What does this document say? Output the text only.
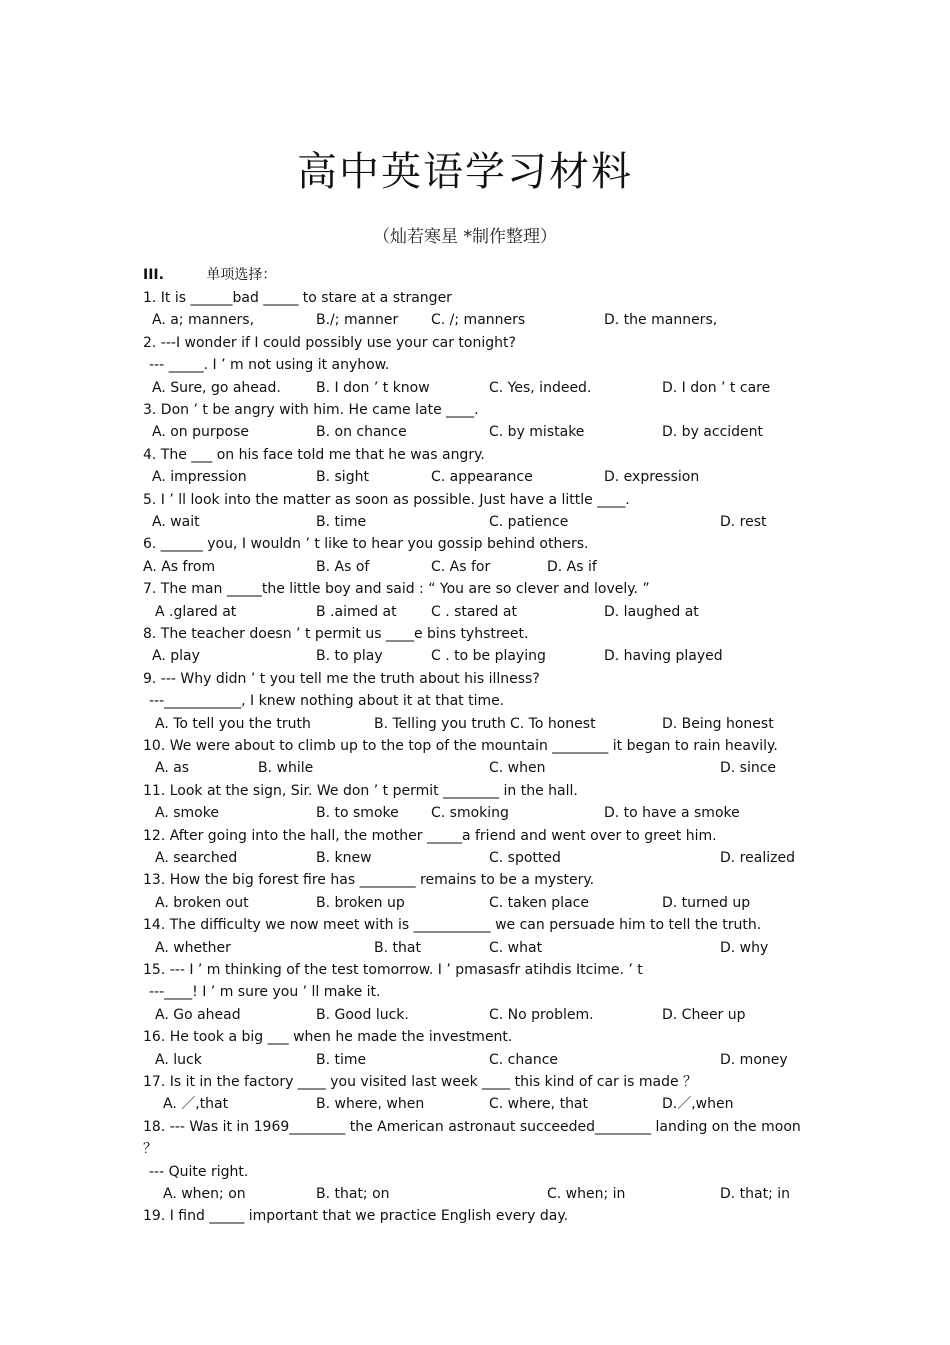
高中英语学习材料
（灿若寒星 *制作整理）
III.	单项选择：
1. It is ______bad _____ to stare at a stranger
A. a; manners,	B./; manner C. /; manners	D. the manners,
2. ---I wonder if I could possibly use your car tonight?
--- _____. I ’ m not using it anyhow.
A. Sure, go ahead.	B. I don ’ t know	C. Yes, indeed.	D. I don ’ t care
3. Don ’ t be angry with him. He came late ____.
A. on purpose	B. on chance	C. by mistake	D. by accident
4. The ___ on his face told me that he was angry.
A. impression	B. sight	C. appearance	D. expression
5. I ’ ll look into the matter as soon as possible. Just have a little ____.
A. wait	B. time	C. patience	D. rest
6. ______ you, I wouldn ’ t like to hear you gossip behind others.
A. As from	B. As of	C. As for	D. As if
7. The man _____the little boy and said : “ You are so clever and lovely. ”
A .glared at	B .aimed at C . stared at	D. laughed at
8. The teacher doesn ’ t permit us ____e bins tyhstreet.
A. play	B. to play	C . to be playing	D. having played
9. --- Why didn ’ t you tell me the truth about his illness?
---___________, I knew nothing about it at that time.
A. To tell you the truth	B. Telling you truth C. To honest	D. Being honest
10. We were about to climb up to the top of the mountain ________ it began to rain heavily.
A. as	B. while	C. when	D. since
11. Look at the sign, Sir. We don ’ t permit ________ in the hall.
A. smoke	B. to smoke C. smoking	D. to have a smoke
12. After going into the hall, the mother _____a friend and went over to greet him.
A. searched	B. knew	C. spotted	D. realized
13. How the big forest fire has ________ remains to be a mystery.
A. broken out	B. broken up	C. taken place	D. turned up
14. The difficulty we now meet with is ___________ we can persuade him to tell the truth.
A. whether	B. that	C. what	D. why
15. --- I ’ m thinking of the test tomorrow. I ’ pmasasfr atihdis Itcime. ’ t
---____! I ’ m sure you ’ ll make it.
A. Go ahead	B. Good luck.	C. No problem.	D. Cheer up
16. He took a big ___ when he made the investment.
A. luck	B. time	C. chance	D. money
17. Is it in the factory ____ you visited last week ____ this kind of car is made ？
A. ／,that	B. where, when	C. where, that	D.／,when
18. --- Was it in 1969________ the American astronaut succeeded________ landing on the moon
？
--- Quite right.
A. when; on	B. that; on	C. when; in	D. that; in
19. I find _____ important that we practice English every day.
